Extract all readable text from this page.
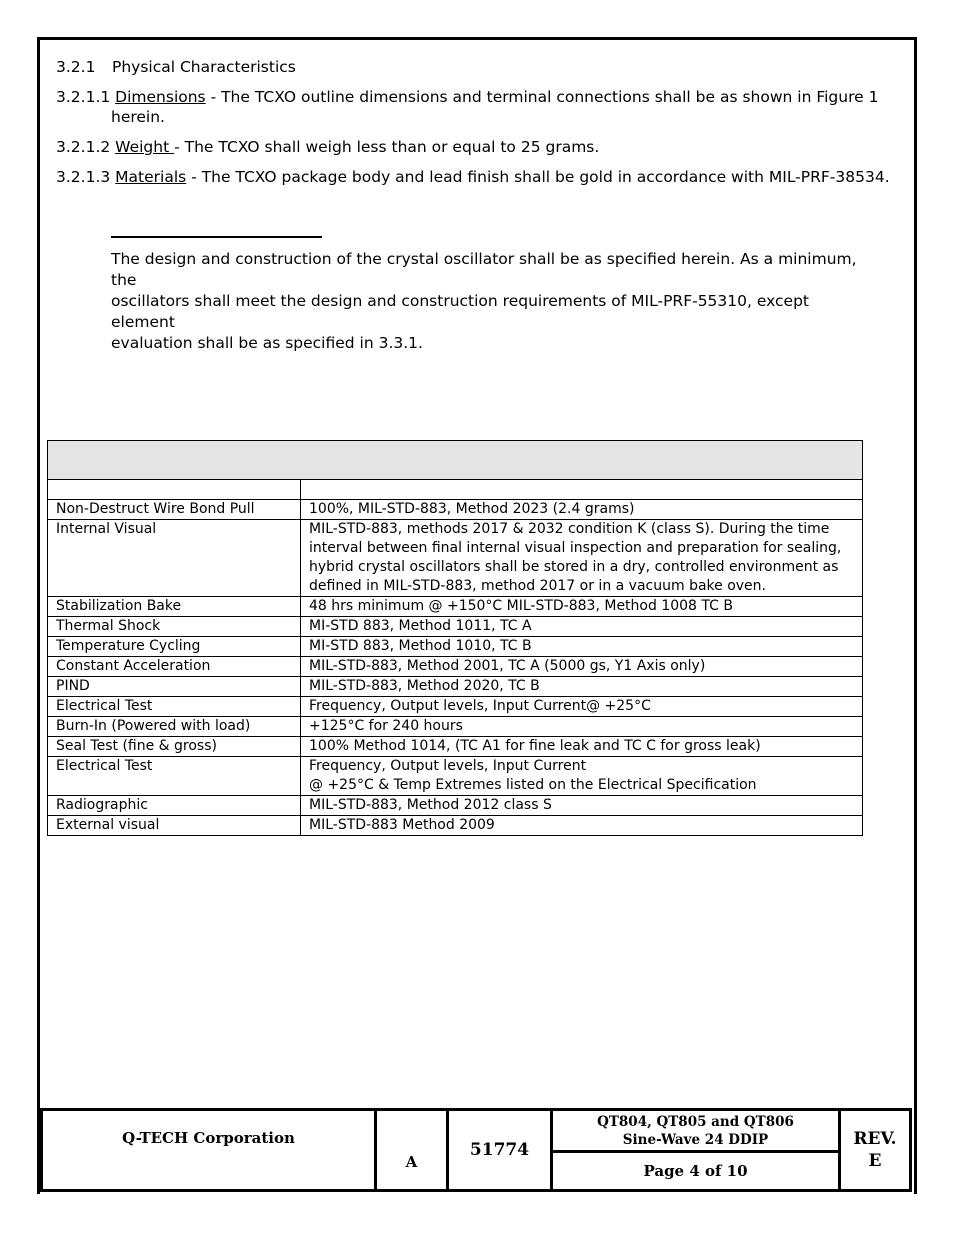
3.2.1 Physical Characteristics
3.2.1.1 Dimensions - The TCXO outline dimensions and terminal connections shall be as shown in Figure 1
herein.
3.2.1.2 Weight - The TCXO shall weigh less than or equal to 25 grams.
3.2.1.3 Materials - The TCXO package body and lead finish shall be gold in accordance with MIL-PRF-38534.
The design and construction of the crystal oscillator shall be as specified herein. As a minimum, the
oscillators shall meet the design and construction requirements of MIL-PRF-55310, except element
evaluation shall be as specified in 3.3.1.

Non-Destruct Wire Bond Pull	100%, MIL-STD-883, Method 2023 (2.4 grams)

Internal Visual	MIL-STD-883, methods 2017 & 2032 condition K (class S). During the time
interval between final internal visual inspection and preparation for sealing,
hybrid crystal oscillators shall be stored in a dry, controlled environment as
defined in MIL-STD-883, method 2017 or in a vacuum bake oven.

Stabilization Bake	48 hrs minimum @ +150°C MIL-STD-883, Method 1008 TC B

Thermal Shock	MI-STD 883, Method 1011, TC A

Temperature Cycling	MI-STD 883, Method 1010, TC B

Constant Acceleration	MIL-STD-883, Method 2001, TC A (5000 gs, Y1 Axis only)

PIND	MIL-STD-883, Method 2020, TC B

Electrical Test	Frequency, Output levels, Input Current@ +25°C

Burn-In (Powered with load)	+125°C for 240 hours

Seal Test (fine & gross)	100% Method 1014, (TC A1 for fine leak and TC C for gross leak)

Electrical Test	Frequency, Output levels, Input Current
@ +25°C & Temp Extremes listed on the Electrical Specification

Radiographic	MIL-STD-883, Method 2012 class S

External visual	MIL-STD-883 Method 2009
Q-TECH Corporation
A
51774
QT804, QT805 and QT806
Sine-Wave 24 DDIP
Page 4 of 10
REV.
E
